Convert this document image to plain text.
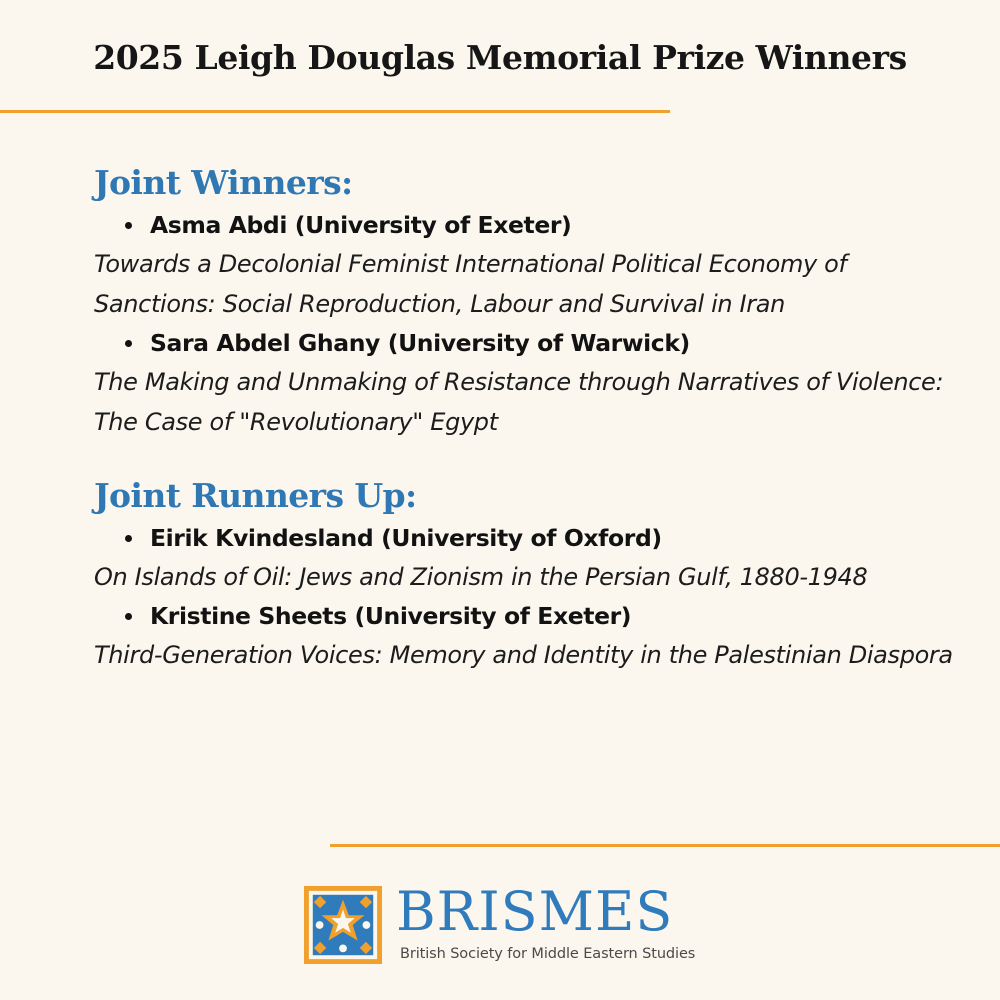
2025 Leigh Douglas Memorial Prize Winners
Joint Winners:

Asma Abdi (University of Exeter)

Towards a Decolonial Feminist International Political Economy of Sanctions: Social Reproduction, Labour and Survival in Iran

Sara Abdel Ghany (University of Warwick)

The Making and Unmaking of Resistance through Narratives of Violence: The Case of "Revolutionary" Egypt

Joint Runners Up:

Eirik Kvindesland (University of Oxford)

On Islands of Oil: Jews and Zionism in the Persian Gulf, 1880-1948

Kristine Sheets (University of Exeter)

Third-Generation Voices: Memory and Identity in the Palestinian Diaspora

BRISMES

British Society for Middle Eastern Studies
